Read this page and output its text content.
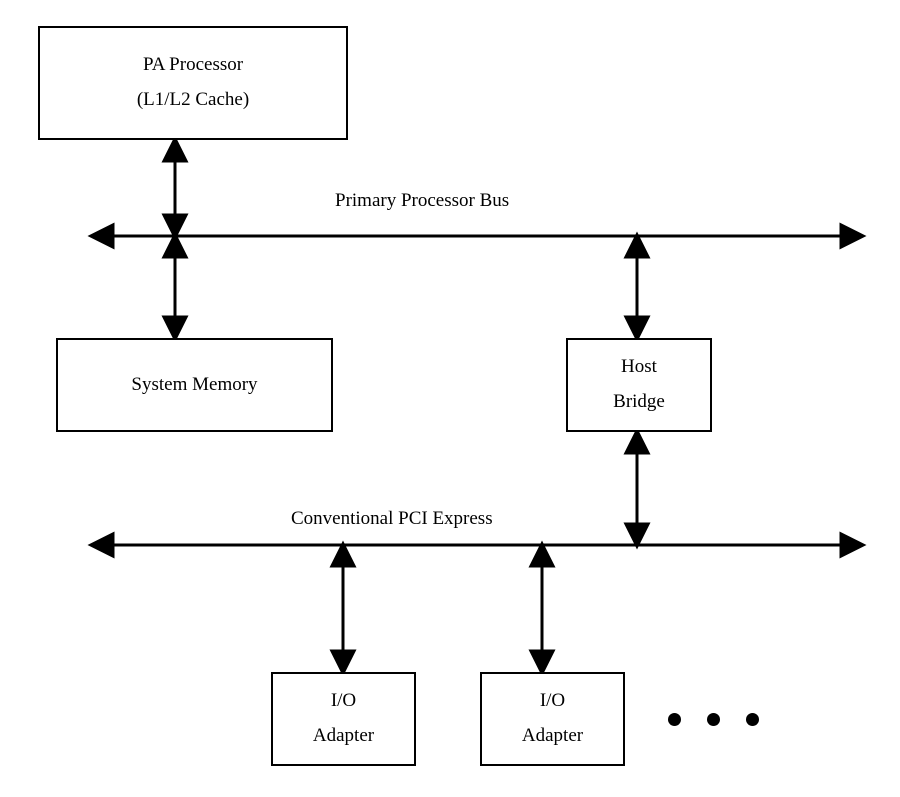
PA Processor
(L1/L2 Cache)
Primary Processor Bus
System Memory
Host
Bridge
Conventional PCI Express
I/O
Adapter
I/O
Adapter
